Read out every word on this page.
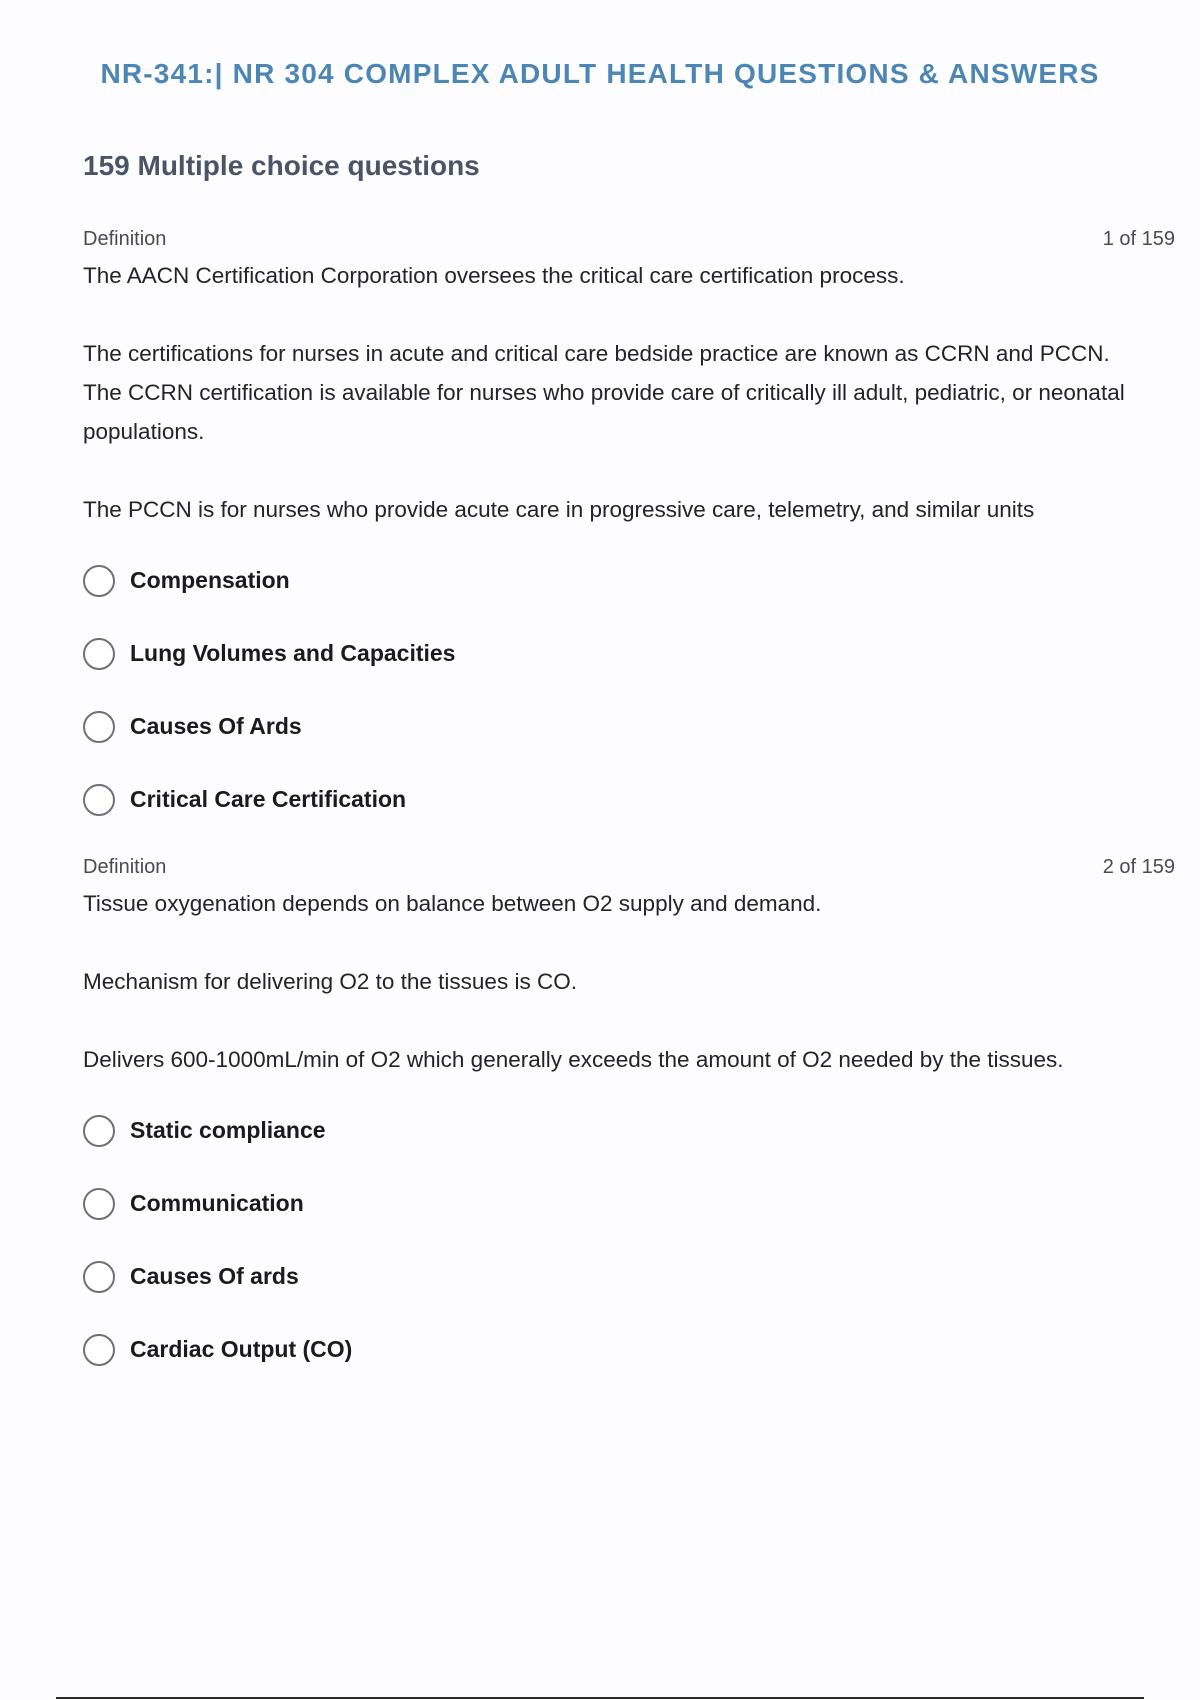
NR-341:| NR 304 COMPLEX ADULT HEALTH QUESTIONS & ANSWERS
159 Multiple choice questions
Definition	1 of 159

The AACN Certification Corporation oversees the critical care certification process.

The certifications for nurses in acute and critical care bedside practice are known as CCRN and PCCN. The CCRN certification is available for nurses who provide care of critically ill adult, pediatric, or neonatal populations.

The PCCN is for nurses who provide acute care in progressive care, telemetry, and similar units

Compensation
Lung Volumes and Capacities
Causes Of Ards
Critical Care Certification
Definition	2 of 159

Tissue oxygenation depends on balance between O2 supply and demand.

Mechanism for delivering O2 to the tissues is CO.

Delivers 600-1000mL/min of O2 which generally exceeds the amount of O2 needed by the tissues.

Static compliance
Communication
Causes Of ards
Cardiac Output (CO)
